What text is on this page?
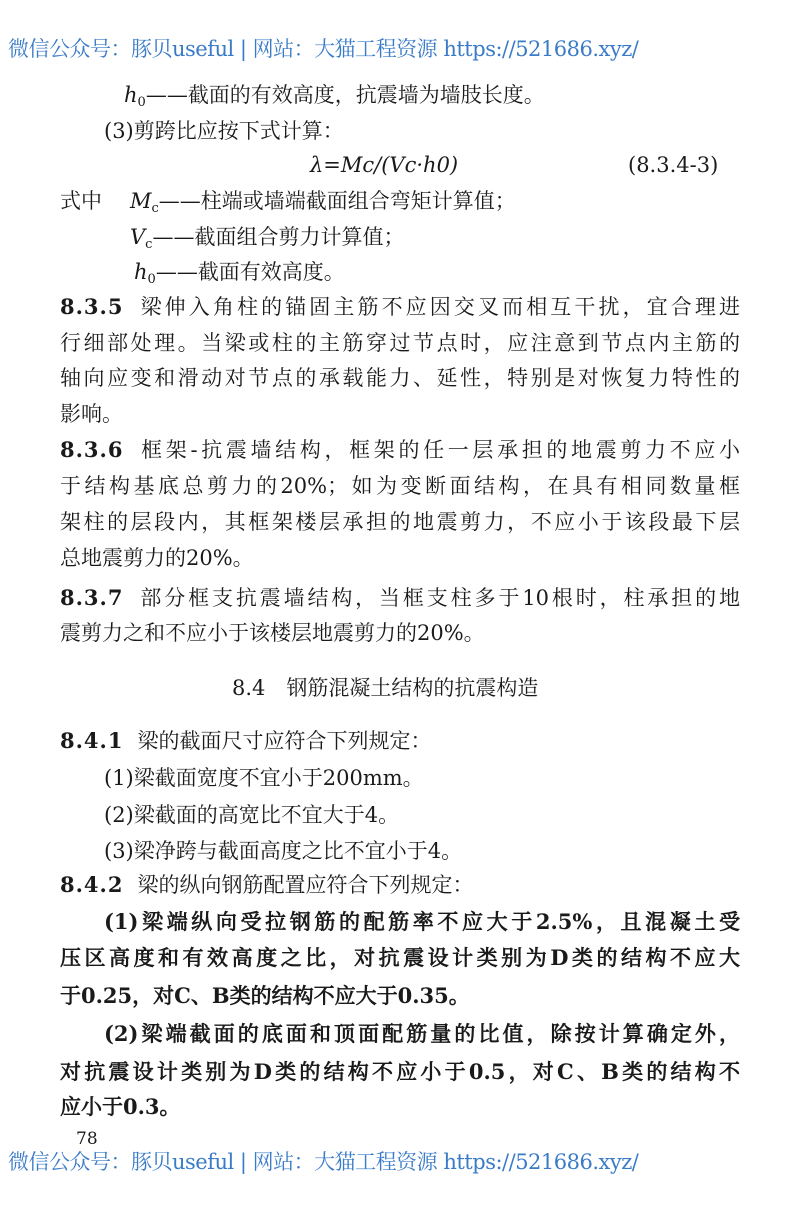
微信公众号：豚贝useful | 网站：大猫工程资源 https://521686.xyz/
$h_0——$截面的有效高度，抗震墙为墙肢长度。
(3)剪跨比应按下式计算：
λ=Mc/(Vc·h0)	(8.3.4-3)
式中 $M_c——$柱端或墙端截面组合弯矩计算值；
$V_c——$截面组合剪力计算值；
$h_0——$截面有效高度。
8.3.5 梁伸入角柱的锚固主筋不应因交叉而相互干扰，宜合理进
行细部处理。当梁或柱的主筋穿过节点时，应注意到节点内主筋的
轴向应变和滑动对节点的承载能力、延性，特别是对恢复力特性的
影响。
8.3.6 框架-抗震墙结构，框架的任一层承担的地震剪力不应小
于结构基底总剪力的20%；如为变断面结构，在具有相同数量框
架柱的层段内，其框架楼层承担的地震剪力，不应小于该段最下层
总地震剪力的20%。
8.3.7 部分框支抗震墙结构，当框支柱多于10根时，柱承担的地
震剪力之和不应小于该楼层地震剪力的20%。
8.4　钢筋混凝土结构的抗震构造
8.4.1 梁的截面尺寸应符合下列规定：
(1)梁截面宽度不宜小于200mm。
(2)梁截面的高宽比不宜大于4。
(3)梁净跨与截面高度之比不宜小于4。
8.4.2 梁的纵向钢筋配置应符合下列规定：
(1)梁端纵向受拉钢筋的配筋率不应大于2.5%，且混凝土受
压区高度和有效高度之比，对抗震设计类别为D类的结构不应大
于0.25，对C、B类的结构不应大于0.35。
(2)梁端截面的底面和顶面配筋量的比值，除按计算确定外，
对抗震设计类别为D类的结构不应小于0.5，对C、B类的结构不
应小于0.3。
78
微信公众号：豚贝useful | 网站：大猫工程资源 https://521686.xyz/
